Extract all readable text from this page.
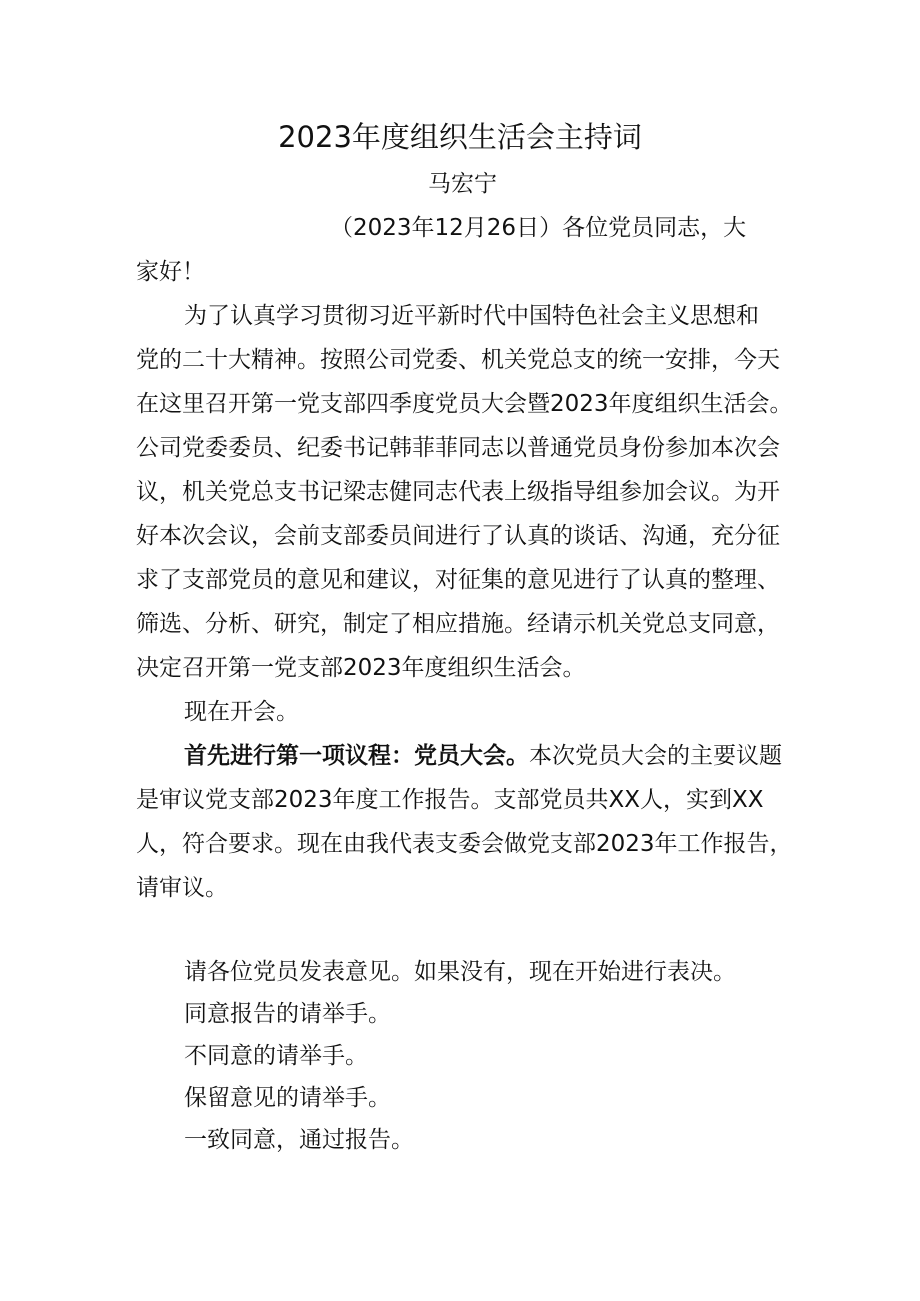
2023年度组织生活会主持词
马宏宁
（2023年12月26日）各位党员同志，大
家好！
为了认真学习贯彻习近平新时代中国特色社会主义思想和
党的二十大精神。按照公司党委、机关党总支的统一安排，今天
在这里召开第一党支部四季度党员大会暨2023年度组织生活会。
公司党委委员、纪委书记韩菲菲同志以普通党员身份参加本次会
议，机关党总支书记梁志健同志代表上级指导组参加会议。为开
好本次会议，会前支部委员间进行了认真的谈话、沟通，充分征
求了支部党员的意见和建议，对征集的意见进行了认真的整理、
筛选、分析、研究，制定了相应措施。经请示机关党总支同意，
决定召开第一党支部2023年度组织生活会。
现在开会。
首先进行第一项议程：党员大会。本次党员大会的主要议题
是审议党支部2023年度工作报告。支部党员共XX人，实到XX
人，符合要求。现在由我代表支委会做党支部2023年工作报告，
请审议。
请各位党员发表意见。如果没有，现在开始进行表决。
同意报告的请举手。
不同意的请举手。
保留意见的请举手。
一致同意，通过报告。
